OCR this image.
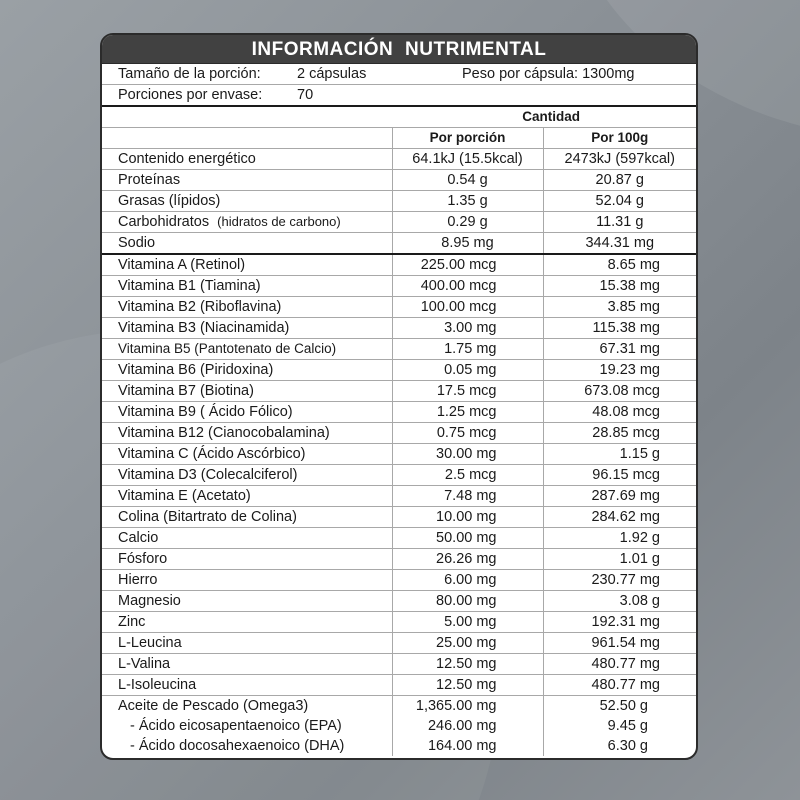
INFORMACIÓN NUTRIMENTAL
Tamaño de la porción:	2 cápsulas	Peso por cápsula: 1300mg
Porciones por envase: 70
Cantidad		
	Por porción	Por 100g
Contenido energético	64.1kJ (15.5kcal)	2473kJ (597kcal)
Proteínas	0.54 g	20.87 g
Grasas (lípidos)	1.35 g	52.04 g
Carbohidratos (hidratos de carbono)	0.29 g	11.31 g
Sodio	8.95 mg	344.31 mg
Vitamina A (Retinol)	225.00 mcg	8.65 mg
Vitamina B1 (Tiamina)	400.00 mcg	15.38 mg
Vitamina B2 (Riboflavina)	100.00 mcg	3.85 mg
Vitamina B3 (Niacinamida)	3.00 mg	115.38 mg
Vitamina B5 (Pantotenato de Calcio)	1.75 mg	67.31 mg
Vitamina B6 (Piridoxina)	0.05 mg	19.23 mg
Vitamina B7 (Biotina)	17.5 mcg	673.08 mcg
Vitamina B9 ( Ácido Fólico)	1.25 mcg	48.08 mcg
Vitamina B12 (Cianocobalamina)	0.75 mcg	28.85 mcg
Vitamina C (Ácido Ascórbico)	30.00 mg	1.15 g
Vitamina D3 (Colecalciferol)	2.5 mcg	96.15 mcg
Vitamina E (Acetato)	7.48 mg	287.69 mg
Colina (Bitartrato de Colina)	10.00 mg	284.62 mg
Calcio	50.00 mg	1.92 g
Fósforo	26.26 mg	1.01 g
Hierro	6.00 mg	230.77 mg
Magnesio	80.00 mg	3.08 g
Zinc	5.00 mg	192.31 mg
L-Leucina	25.00 mg	961.54 mg
L-Valina	12.50 mg	480.77 mg
L-Isoleucina	12.50 mg	480.77 mg
Aceite de Pescado (Omega3)	1,365.00 mg	52.50 g
- Ácido eicosapentaenoico (EPA)	246.00 mg	9.45 g
- Ácido docosahexaenoico (DHA)	164.00 mg	6.30 g
